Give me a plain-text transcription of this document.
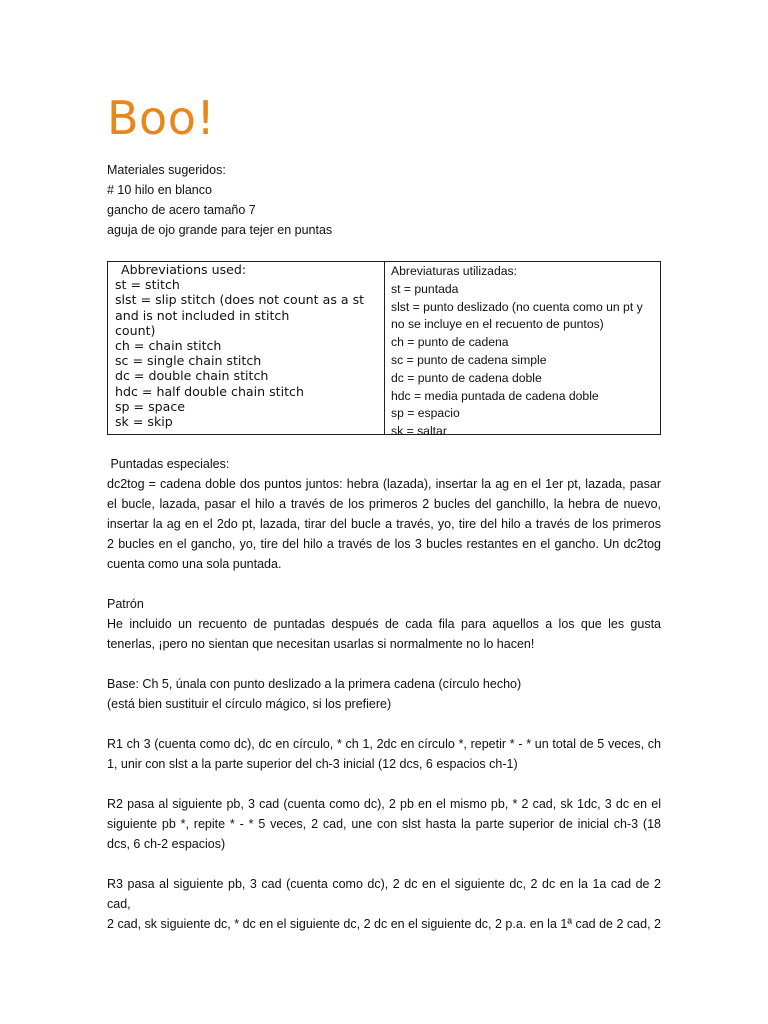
Boo!
Materiales sugeridos:
# 10 hilo en blanco
gancho de acero tamaño 7
aguja de ojo grande para tejer en puntas
Abbreviations used:
st = stitch
slst = slip stitch (does not count as a st
and is not included in stitch
count)
ch = chain stitch
sc = single chain stitch
dc = double chain stitch
hdc = half double chain stitch
sp = space
sk = skip
Abreviaturas utilizadas:
st = puntada
slst = punto deslizado (no cuenta como un pt y
no se incluye en el recuento de puntos)
ch = punto de cadena
sc = punto de cadena simple
dc = punto de cadena doble
hdc = media puntada de cadena doble
sp = espacio
sk = saltar
Puntadas especiales:
dc2tog = cadena doble dos puntos juntos: hebra (lazada), insertar la ag en el 1er pt, lazada, pasar
el bucle, lazada, pasar el hilo a través de los primeros 2 bucles del ganchillo, la hebra de nuevo,
insertar la ag en el 2do pt, lazada, tirar del bucle a través, yo, tire del hilo a través de los primeros
2 bucles en el gancho, yo, tire del hilo a través de los 3 bucles restantes en el gancho. Un dc2tog
cuenta como una sola puntada.
Patrón
He incluido un recuento de puntadas después de cada fila para aquellos a los que les gusta
tenerlas, ¡pero no sientan que necesitan usarlas si normalmente no lo hacen!
Base: Ch 5, únala con punto deslizado a la primera cadena (círculo hecho)
(está bien sustituir el círculo mágico, si los prefiere)
R1 ch 3 (cuenta como dc), dc en círculo, * ch 1, 2dc en círculo *, repetir * - * un total de 5 veces, ch
1, unir con slst a la parte superior del ch-3 inicial (12 dcs, 6 espacios ch-1)
R2 pasa al siguiente pb, 3 cad (cuenta como dc), 2 pb en el mismo pb, * 2 cad, sk 1dc, 3 dc en el
siguiente pb *, repite * - * 5 veces, 2 cad, une con slst hasta la parte superior de inicial ch-3 (18
dcs, 6 ch-2 espacios)
R3 pasa al siguiente pb, 3 cad (cuenta como dc), 2 dc en el siguiente dc, 2 dc en la 1a cad de 2 cad,
2 cad, sk siguiente dc, * dc en el siguiente dc, 2 dc en el siguiente dc, 2 p.a. en la 1ª cad de 2 cad, 2
